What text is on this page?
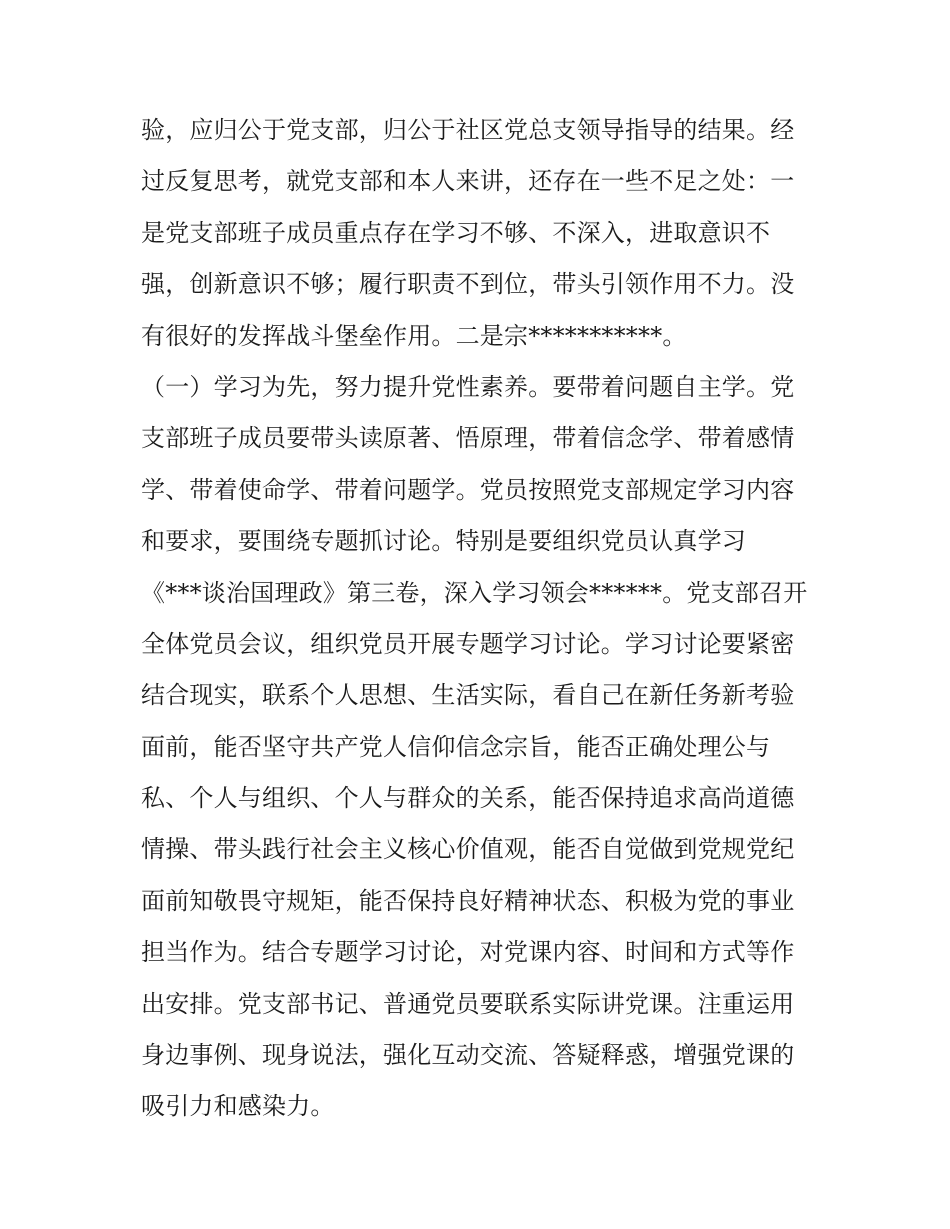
验，应归公于党支部，归公于社区党总支领导指导的结果。经
过反复思考，就党支部和本人来讲，还存在一些不足之处：一
是党支部班子成员重点存在学习不够、不深入，进取意识不
强，创新意识不够；履行职责不到位，带头引领作用不力。没
有很好的发挥战斗堡垒作用。二是宗***********。
（一）学习为先，努力提升党性素养。要带着问题自主学。党
支部班子成员要带头读原著、悟原理，带着信念学、带着感情
学、带着使命学、带着问题学。党员按照党支部规定学习内容
和要求，要围绕专题抓讨论。特别是要组织党员认真学习
《***谈治国理政》第三卷，深入学习领会******。党支部召开
全体党员会议，组织党员开展专题学习讨论。学习讨论要紧密
结合现实，联系个人思想、生活实际，看自己在新任务新考验
面前，能否坚守共产党人信仰信念宗旨，能否正确处理公与
私、个人与组织、个人与群众的关系，能否保持追求高尚道德
情操、带头践行社会主义核心价值观，能否自觉做到党规党纪
面前知敬畏守规矩，能否保持良好精神状态、积极为党的事业
担当作为。结合专题学习讨论，对党课内容、时间和方式等作
出安排。党支部书记、普通党员要联系实际讲党课。注重运用
身边事例、现身说法，强化互动交流、答疑释惑，增强党课的
吸引力和感染力。
